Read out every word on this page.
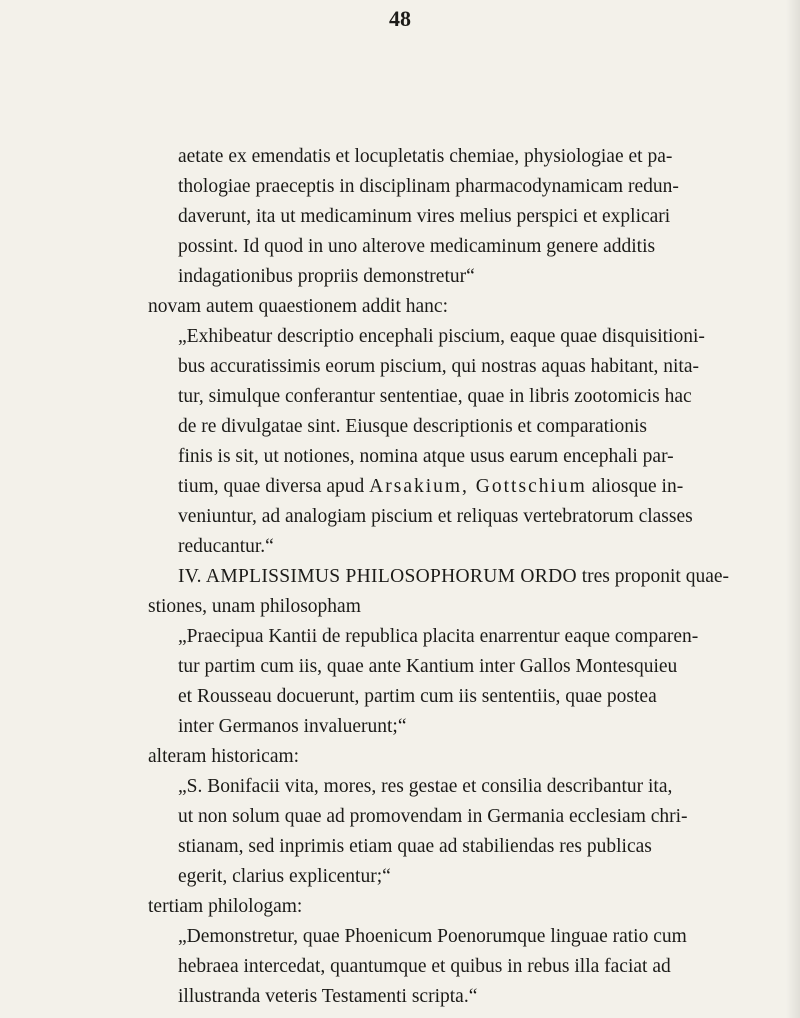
48
aetate ex emendatis et locupletatis chemiae, physiologiae et pa-
thologiae praeceptis in disciplinam pharmacodynamicam redun-
daverunt, ita ut medicaminum vires melius perspici et explicari
possint. Id quod in uno alterove medicaminum genere additis
indagationibus propriis demonstretur“
novam autem quaestionem addit hanc:
„Exhibeatur descriptio encephali piscium, eaque quae disquisitioni-
bus accuratissimis eorum piscium, qui nostras aquas habitant, nita-
tur, simulque conferantur sententiae, quae in libris zootomicis hac
de re divulgatae sint. Eiusque descriptionis et comparationis
finis is sit, ut notiones, nomina atque usus earum encephali par-
tium, quae diversa apud Arsakium, Gottschium aliosque in-
veniuntur, ad analogiam piscium et reliquas vertebratorum classes
reducantur.“
IV. AMPLISSIMUS PHILOSOPHORUM ORDO tres proponit quae-
stiones, unam philosopham
„Praecipua Kantii de republica placita enarrentur eaque comparen-
tur partim cum iis, quae ante Kantium inter Gallos Montesquieu
et Rousseau docuerunt, partim cum iis sententiis, quae postea
inter Germanos invaluerunt;“
alteram historicam:
„S. Bonifacii vita, mores, res gestae et consilia describantur ita,
ut non solum quae ad promovendam in Germania ecclesiam chri-
stianam, sed inprimis etiam quae ad stabiliendas res publicas
egerit, clarius explicentur;“
tertiam philologam:
„Demonstretur, quae Phoenicum Poenorumque linguae ratio cum
hebraea intercedat, quantumque et quibus in rebus illa faciat ad
illustranda veteris Testamenti scripta.“
